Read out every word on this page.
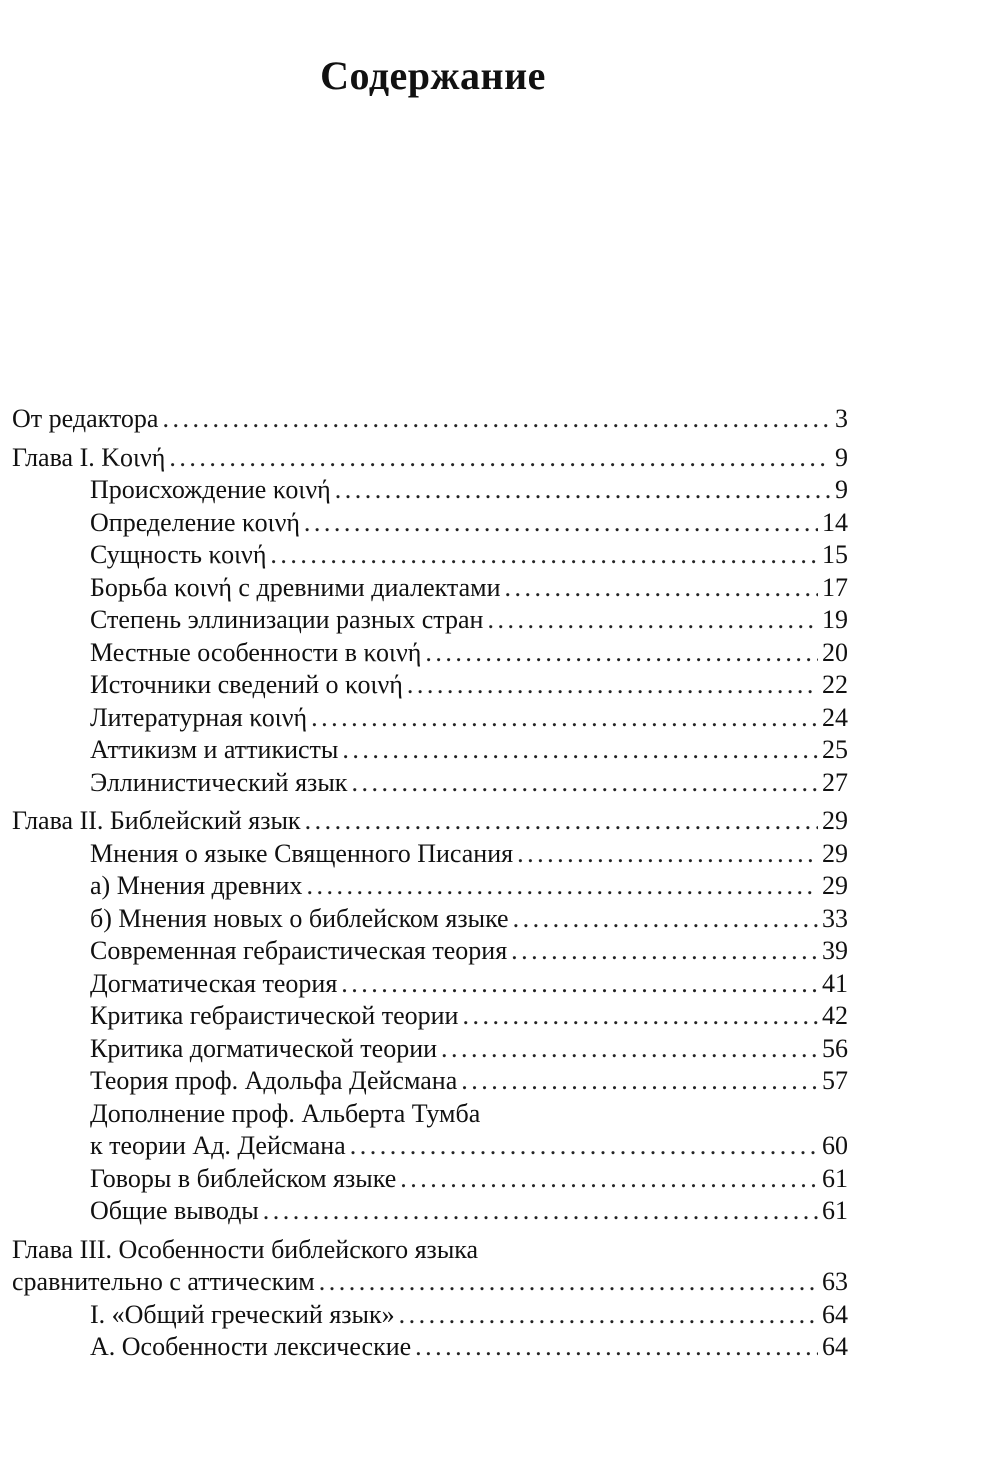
Содержание
От редактора . . .	3
Глава I. Κοινή . . .	9
Происхождение κοινή . . .	9
Определение κοινή . . .	14
Сущность κοινή . . .	15
Борьба κοινή с древними диалектами . . .	17
Степень эллинизации разных стран . . .	19
Местные особенности в κοινή . . .	20
Источники сведений о κοινή . . .	22
Литературная κοινή . . .	24
Аттикизм и аттикисты . . .	25
Эллинистический язык . . .	27
Глава II. Библейский язык . . .	29
Мнения о языке Священного Писания . . .	29
а) Мнения древних . . .	29
б) Мнения новых о библейском языке . . .	33
Современная гебраистическая теория . . .	39
Догматическая теория . . .	41
Критика гебраистической теории . . .	42
Критика догматической теории . . .	56
Теория проф. Адольфа Дейсмана . . .	57
Дополнение проф. Альберта Тумба
к теории Ад. Дейсмана . . .	60
Говоры в библейском языке . . .	61
Общие выводы . . .	61
Глава III. Особенности библейского языка
сравнительно с аттическим . . .	63
I. «Общий греческий язык» . . .	64
А. Особенности лексические . . .	64
